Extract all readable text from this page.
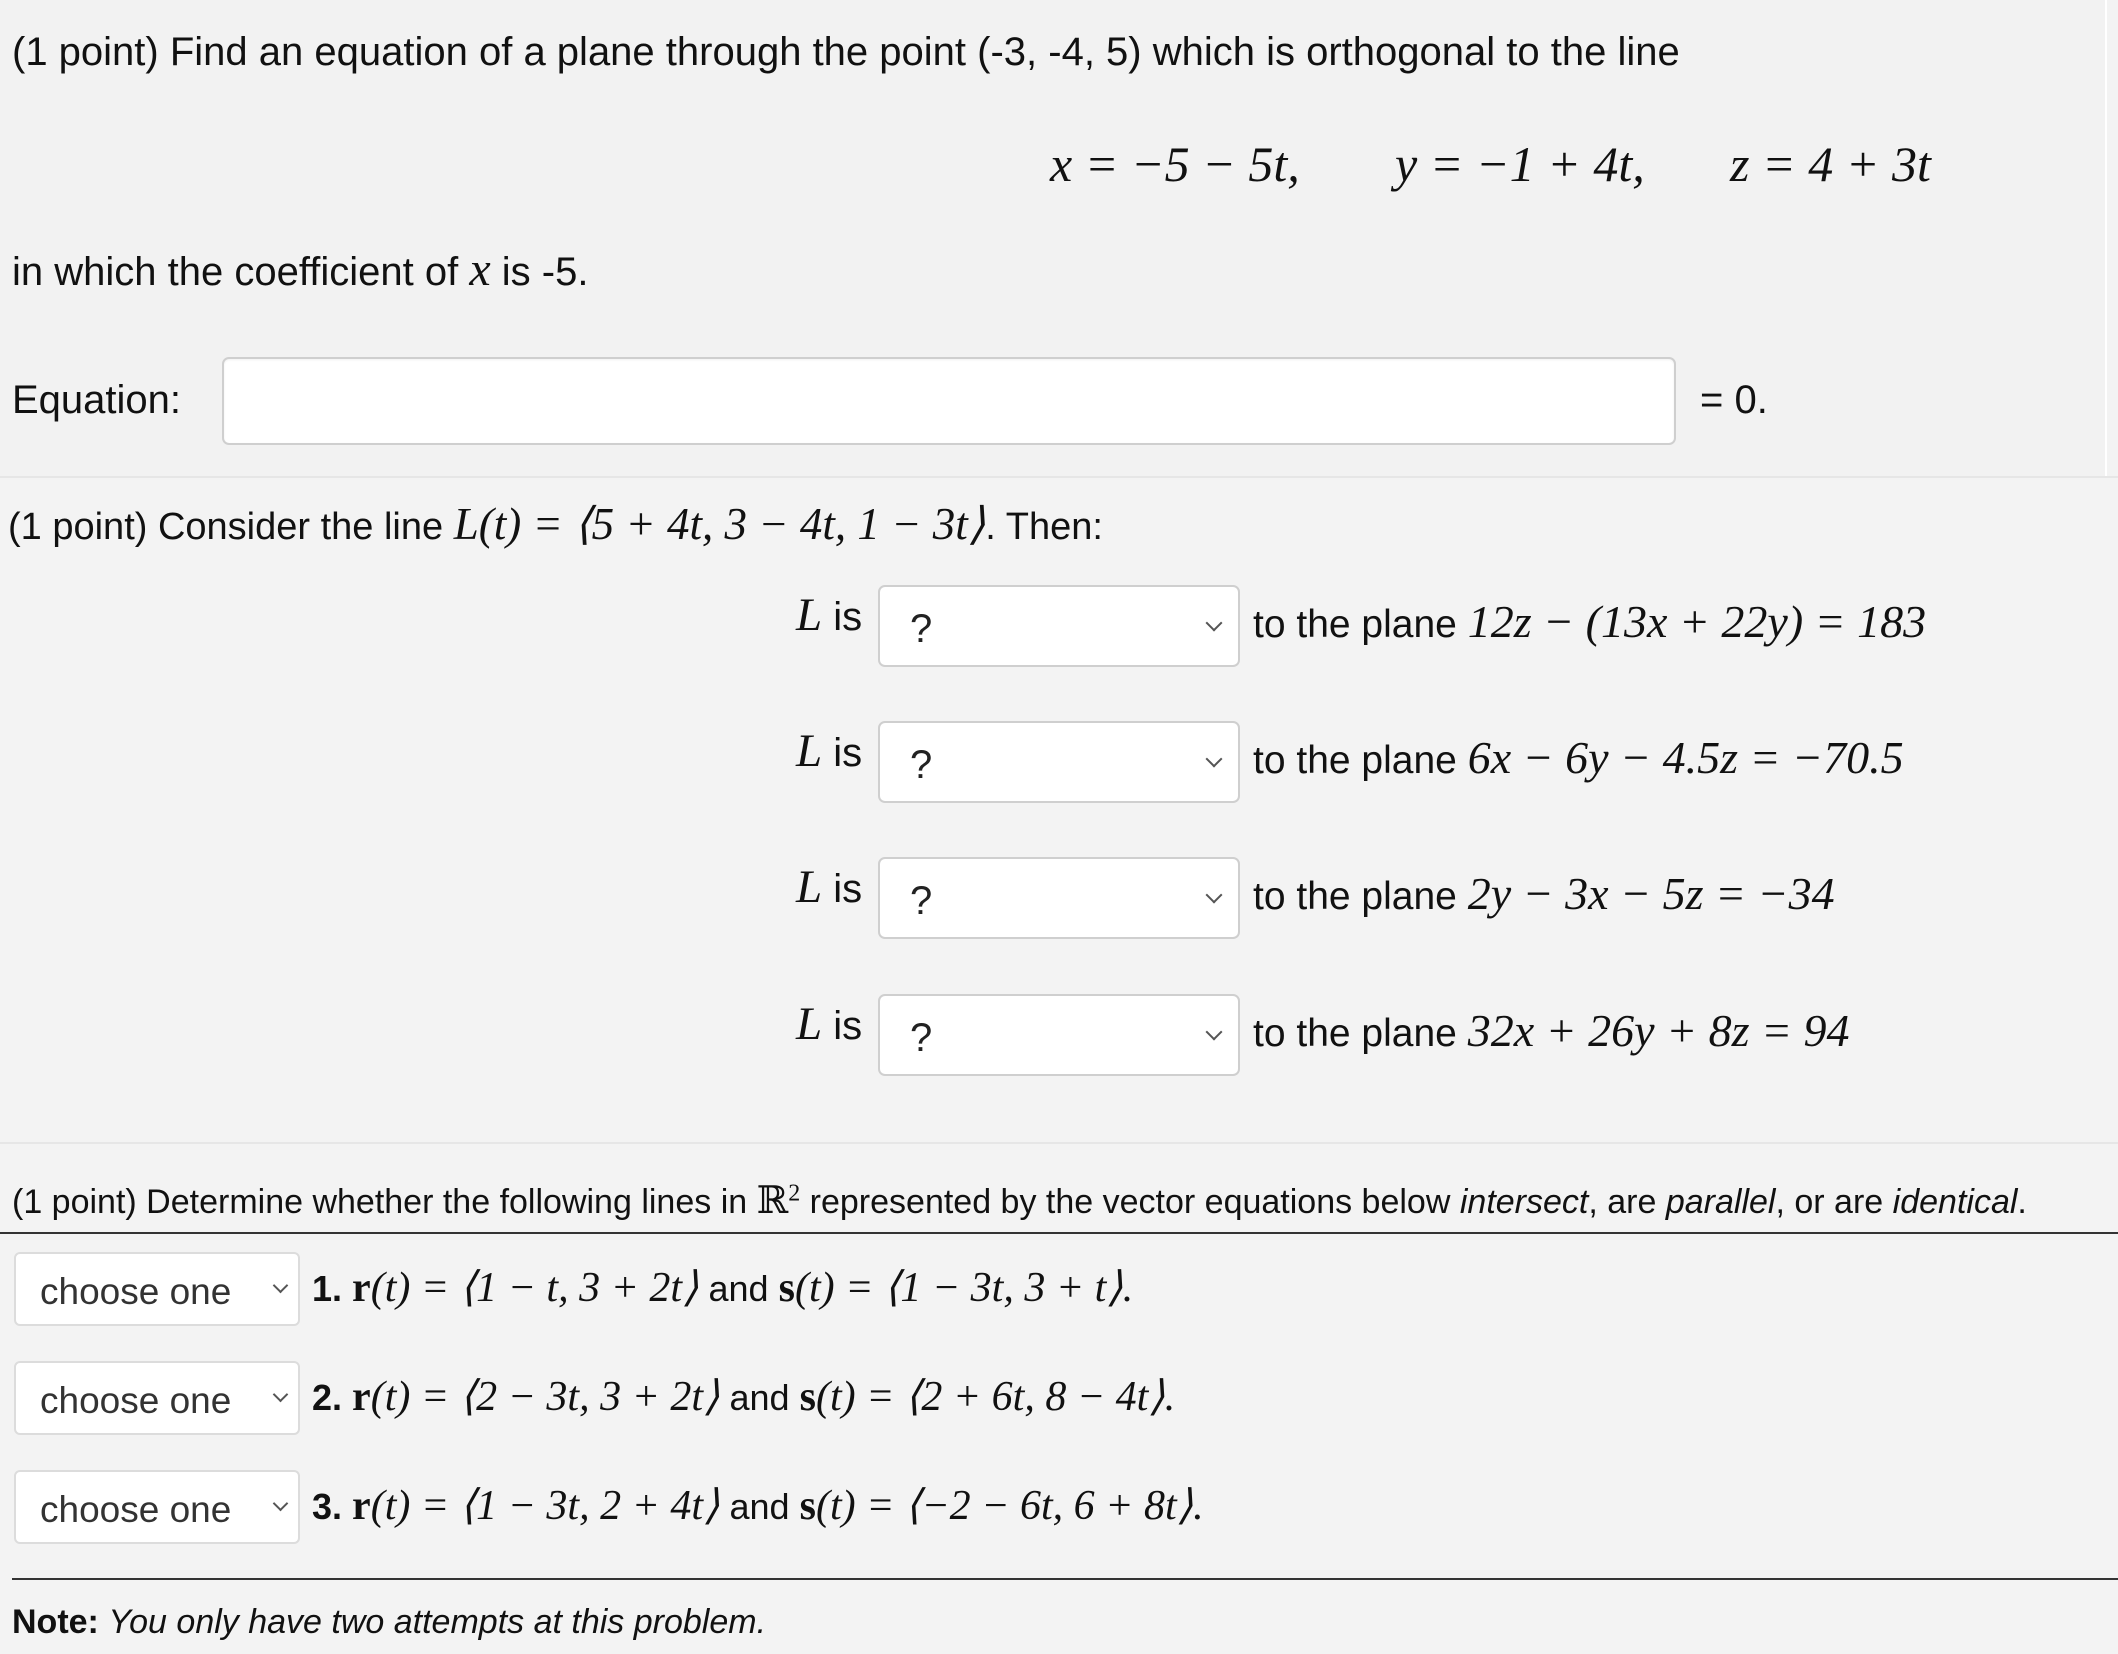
(1 point) Find an equation of a plane through the point (-3, -4, 5) which is orthogonal to the line
x = −5 − 5t, y = −1 + 4t, z = 4 + 3t
in which the coefficient of x is -5.
Equation:	= 0.
(1 point) Consider the line L(t) = ⟨5 + 4t, 3 − 4t, 1 − 3t⟩. Then:
L is ?	to the plane 12z − (13x + 22y) = 183
L is ?	to the plane 6x − 6y − 4.5z = −70.5
L is ?	to the plane 2y − 3x − 5z = −34
L is ?	to the plane 32x + 26y + 8z = 94
(1 point) Determine whether the following lines in ℝ$^2$ represented by the vector equations below intersect, are parallel, or are identical.
choose one 1. r(t) = ⟨1 − t, 3 + 2t⟩ and s(t) = ⟨1 − 3t, 3 + t⟩.
choose one 2. r(t) = ⟨2 − 3t, 3 + 2t⟩ and s(t) = ⟨2 + 6t, 8 − 4t⟩.
choose one 3. r(t) = ⟨1 − 3t, 2 + 4t⟩ and s(t) = ⟨−2 − 6t, 6 + 8t⟩.
Note: You only have two attempts at this problem.
